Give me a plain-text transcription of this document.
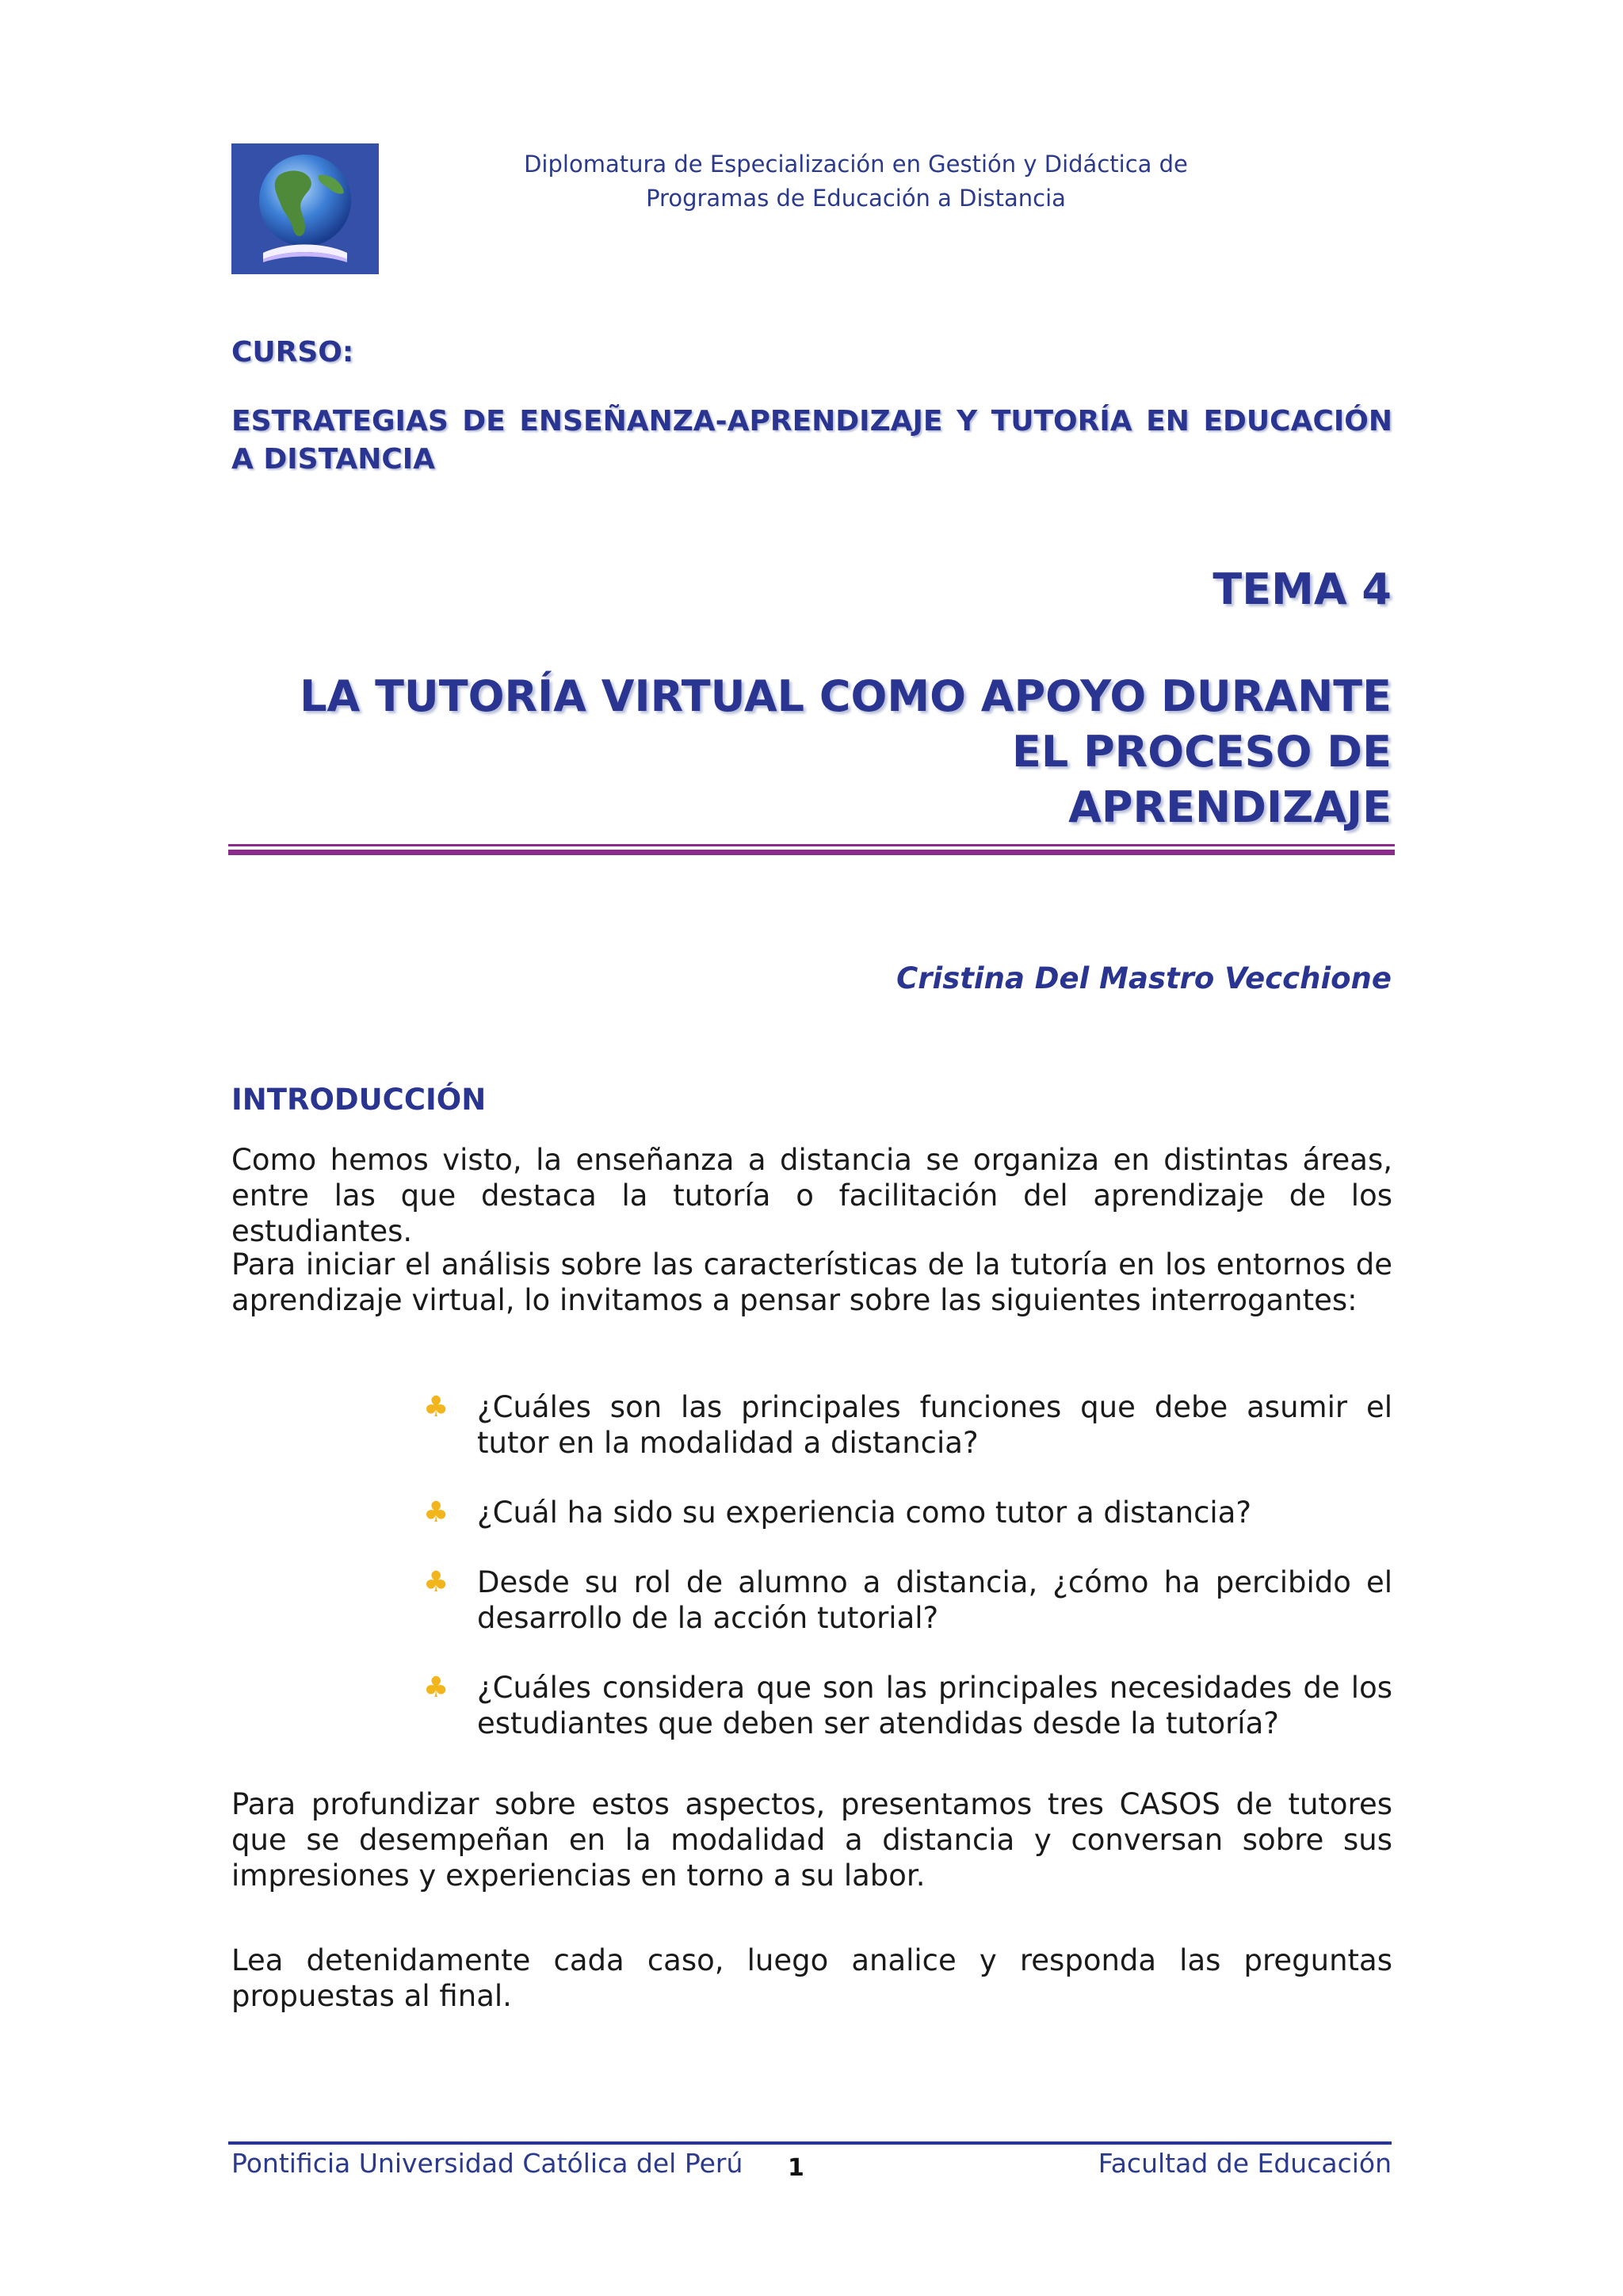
Diplomatura de Especialización en Gestión y Didáctica de
Programas de Educación a Distancia
CURSO:
ESTRATEGIAS DE ENSEÑANZA-APRENDIZAJE Y TUTORÍA EN EDUCACIÓN A DISTANCIA
TEMA 4
LA TUTORÍA VIRTUAL COMO APOYO DURANTE
EL PROCESO DE
APRENDIZAJE
Cristina Del Mastro Vecchione
INTRODUCCIÓN

Como hemos visto, la enseñanza a distancia se organiza en distintas áreas, entre las que destaca la tutoría o facilitación del aprendizaje de los estudiantes.

Para iniciar el análisis sobre las características de la tutoría en los entornos de aprendizaje virtual, lo invitamos a pensar sobre las siguientes interrogantes:

♣ ¿Cuáles son las principales funciones que debe asumir el tutor en la modalidad a distancia?
♣ ¿Cuál ha sido su experiencia como tutor a distancia?
♣ Desde su rol de alumno a distancia, ¿cómo ha percibido el desarrollo de la acción tutorial?
♣ ¿Cuáles considera que son las principales necesidades de los estudiantes que deben ser atendidas desde la tutoría?

Para profundizar sobre estos aspectos, presentamos tres CASOS de tutores que se desempeñan en la modalidad a distancia y conversan sobre sus impresiones y experiencias en torno a su labor.

Lea detenidamente cada caso, luego analice y responda las preguntas propuestas al final.

Pontificia Universidad Católica del Perú 1	Facultad de Educación
